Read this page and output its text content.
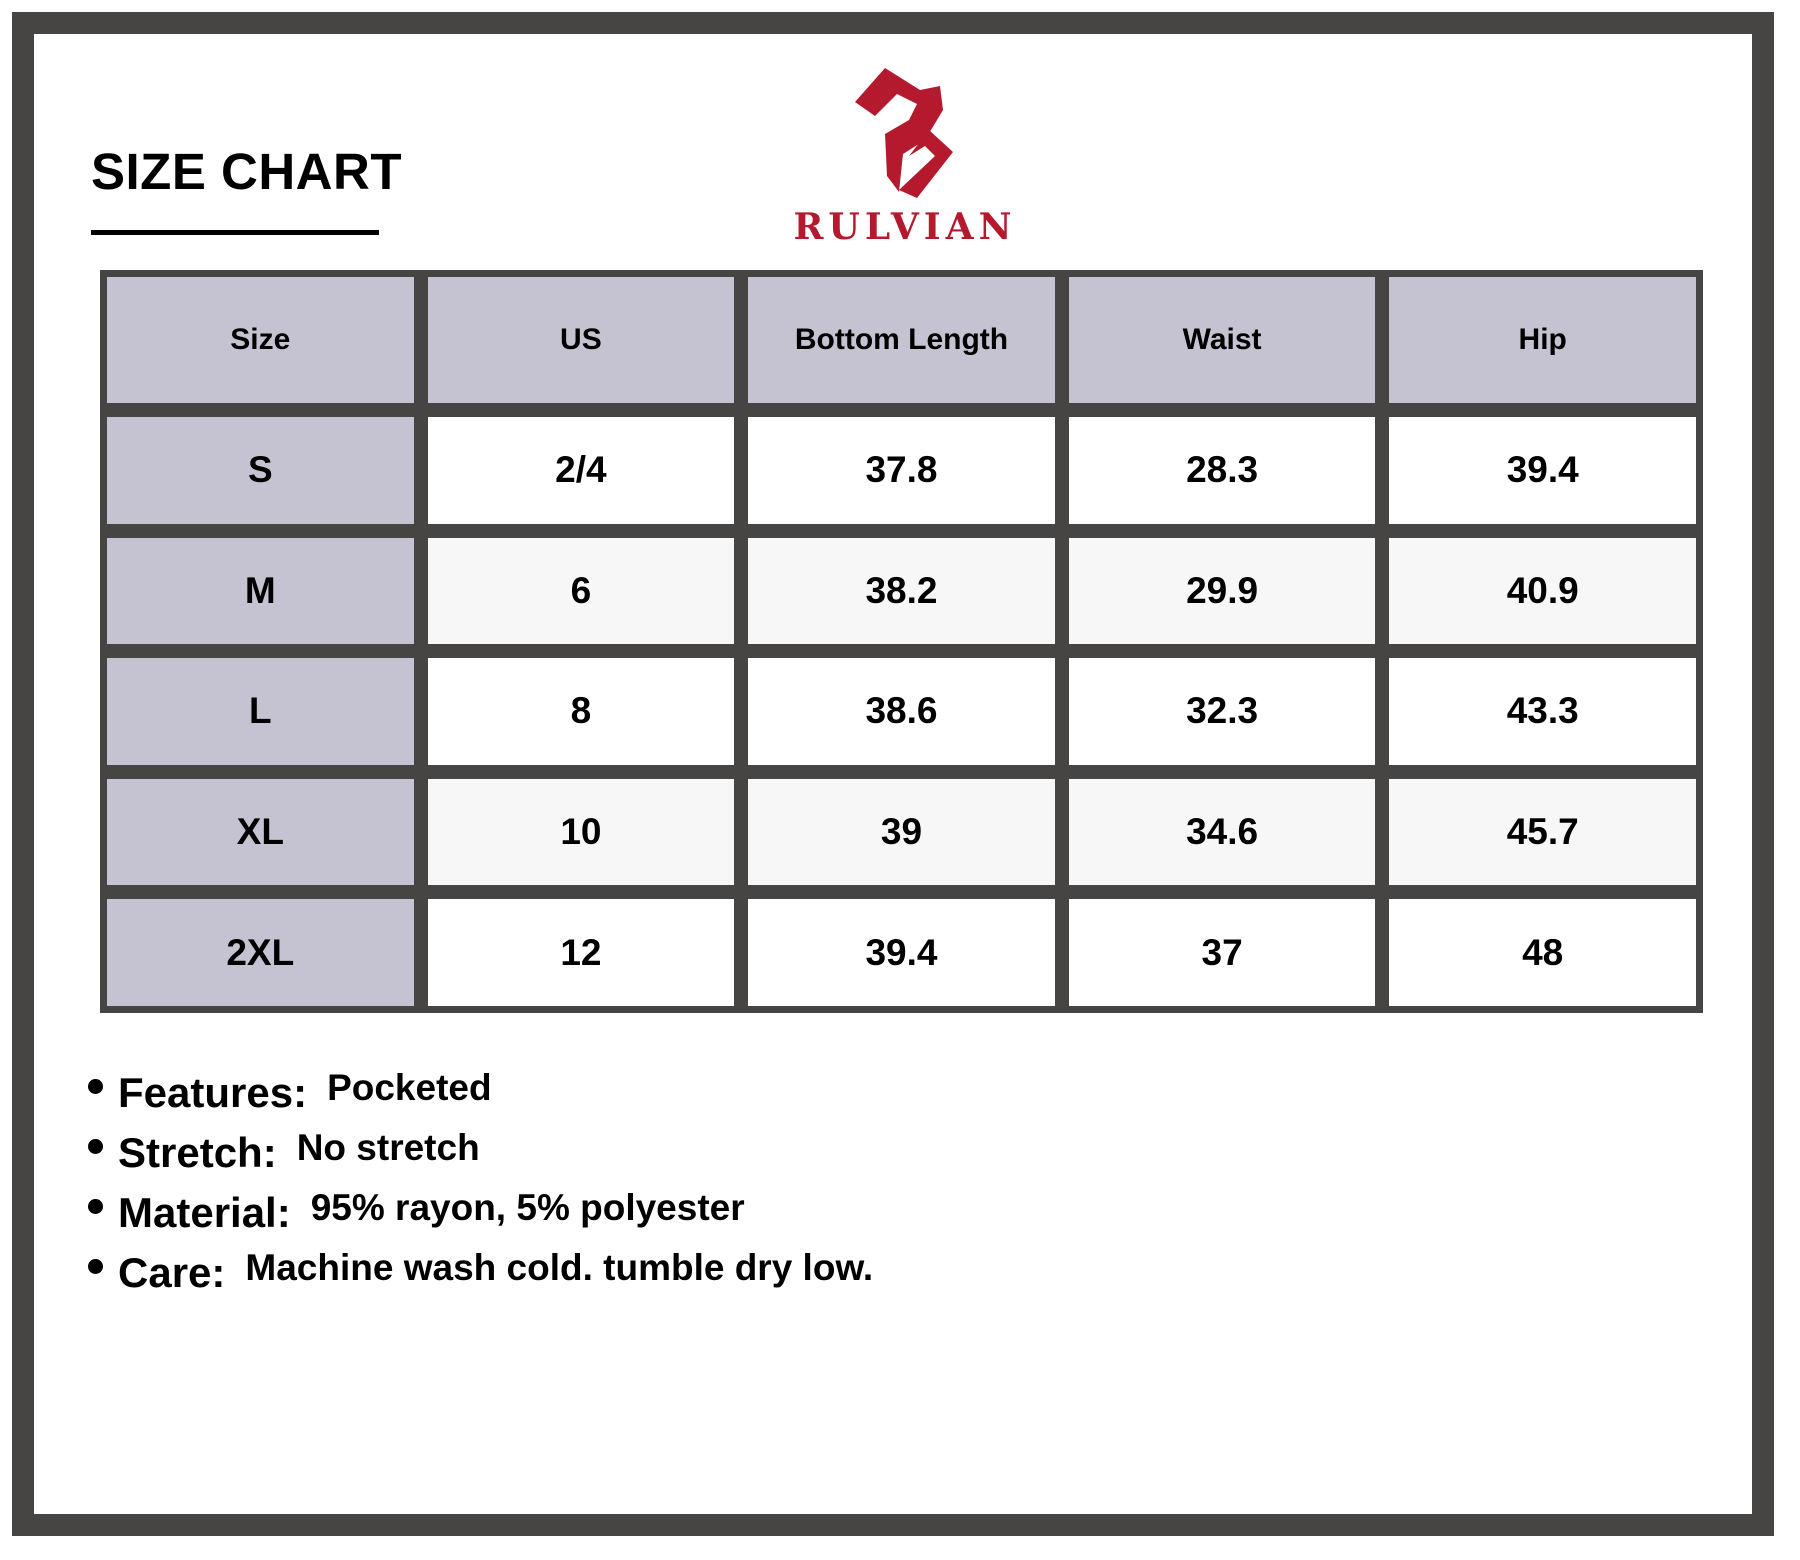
SIZE CHART
RULVIAN
Size	US	Bottom Length	Waist	Hip
S	2/4	37.8	28.3	39.4
M	6	38.2	29.9	40.9
L	8	38.6	32.3	43.3
XL	10	39	34.6	45.7
2XL	12	39.4	37	48
Features: Pocketed
Stretch: No stretch
Material: 95% rayon, 5% polyester
Care: Machine wash cold. tumble dry low.
